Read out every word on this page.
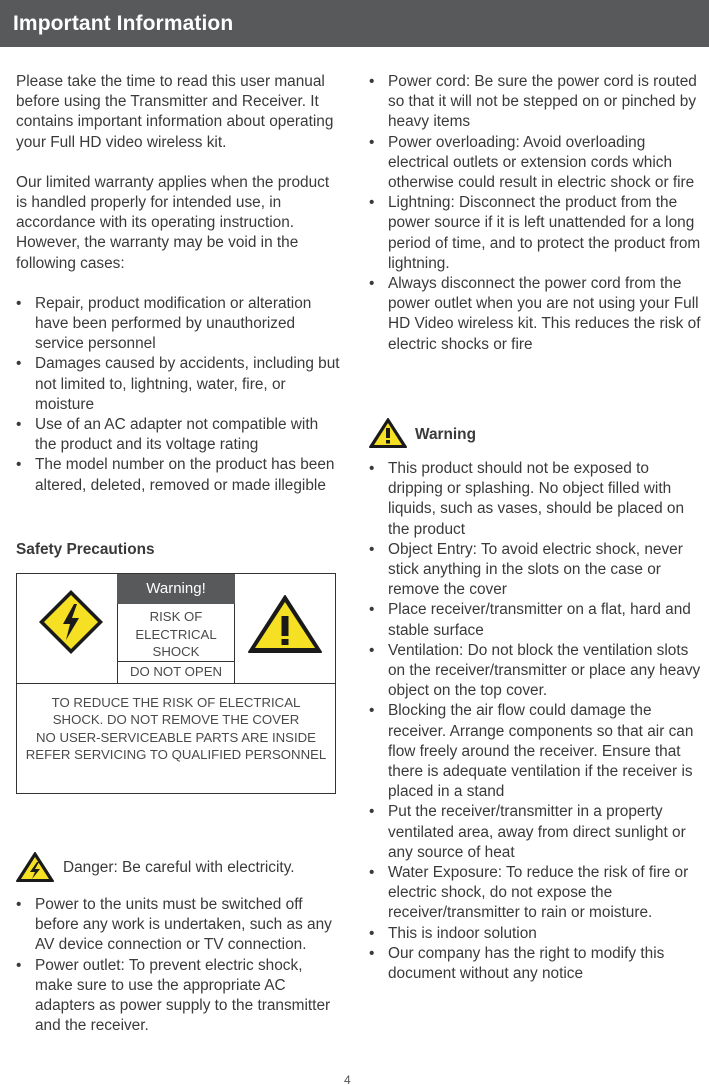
Important Information

Please take the time to read this user manual before using the Transmitter and Receiver. It contains important information about operating your Full HD video wireless kit.

Our limited warranty applies when the product is handled properly for intended use, in accordance with its operating instruction. However, the warranty may be void in the following cases:

• Repair, product modification or alteration have been performed by unauthorized service personnel
• Damages caused by accidents, including but not limited to, lightning, water, fire, or moisture
• Use of an AC adapter not compatible with the product and its voltage rating
• The model number on the product has been altered, deleted, removed or made illegible
Safety Precautions
Warning!
RISK OF ELECTRICAL SHOCK
DO NOT OPEN
TO REDUCE THE RISK OF ELECTRICAL
SHOCK. DO NOT REMOVE THE COVER
NO USER-SERVICEABLE PARTS ARE INSIDE
REFER SERVICING TO QUALIFIED PERSONNEL
Danger: Be careful with electricity.
• Power to the units must be switched off before any work is undertaken, such as any AV device connection or TV connection.
• Power outlet: To prevent electric shock, make sure to use the appropriate AC adapters as power supply to the transmitter and the receiver.
• Power cord: Be sure the power cord is routed so that it will not be stepped on or pinched by heavy items
• Power overloading: Avoid overloading electrical outlets or extension cords which otherwise could result in electric shock or fire
• Lightning: Disconnect the product from the power source if it is left unattended for a long period of time, and to protect the product from lightning.
• Always disconnect the power cord from the power outlet when you are not using your Full HD Video wireless kit. This reduces the risk of electric shocks or fire
Warning
• This product should not be exposed to dripping or splashing. No object filled with liquids, such as vases, should be placed on the product
• Object Entry: To avoid electric shock, never stick anything in the slots on the case or remove the cover
• Place receiver/transmitter on a flat, hard and stable surface
• Ventilation: Do not block the ventilation slots on the receiver/transmitter or place any heavy object on the top cover.
• Blocking the air flow could damage the receiver. Arrange components so that air can flow freely around the receiver. Ensure that there is adequate ventilation if the receiver is placed in a stand
• Put the receiver/transmitter in a property ventilated area, away from direct sunlight or any source of heat
• Water Exposure: To reduce the risk of fire or electric shock, do not expose the receiver/transmitter to rain or moisture.
• This is indoor solution
• Our company has the right to modify this document without any notice
4
